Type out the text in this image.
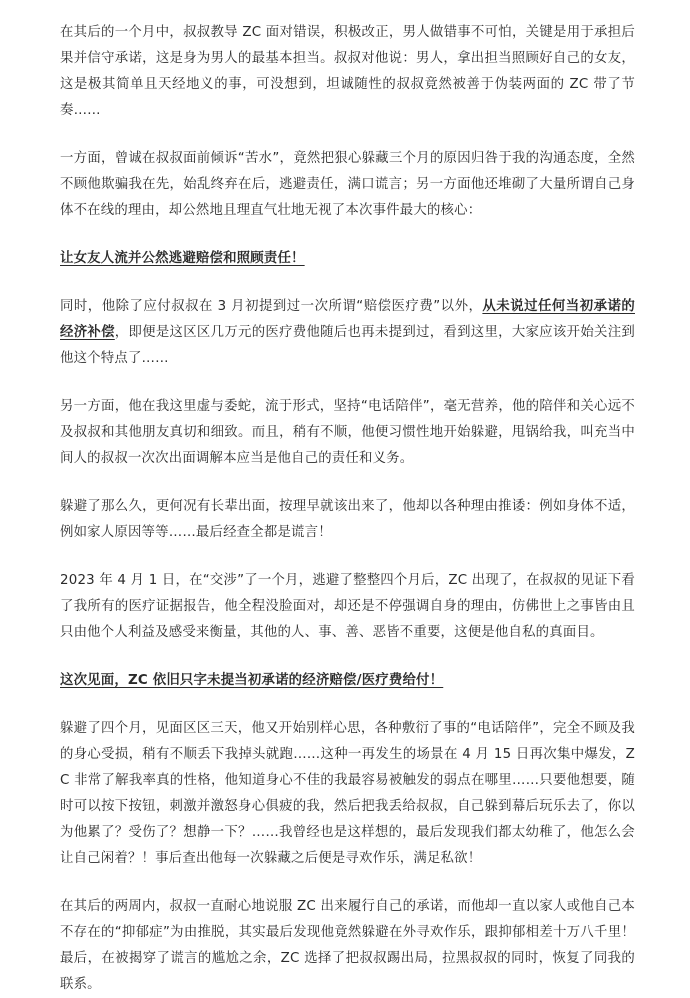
在其后的一个月中，叔叔教导 ZC 面对错误，积极改正，男人做错事不可怕，关键是用于承担后果并信守承诺，这是身为男人的最基本担当。叔叔对他说：男人，拿出担当照顾好自己的女友，这是极其简单且天经地义的事，可没想到，坦诚随性的叔叔竟然被善于伪装两面的 ZC 带了节奏……

一方面，曾诚在叔叔面前倾诉“苦水”，竟然把狠心躲藏三个月的原因归咎于我的沟通态度，全然不顾他欺骗我在先，始乱终弃在后，逃避责任，满口谎言；另一方面他还堆砌了大量所谓自己身体不在线的理由，却公然地且理直气壮地无视了本次事件最大的核心：

让女友人流并公然逃避赔偿和照顾责任！

同时，他除了应付叔叔在 3 月初提到过一次所谓“赔偿医疗费”以外，从未说过任何当初承诺的经济补偿，即便是这区区几万元的医疗费他随后也再未提到过，看到这里，大家应该开始关注到他这个特点了……

另一方面，他在我这里虚与委蛇，流于形式，坚持“电话陪伴”，毫无营养，他的陪伴和关心远不及叔叔和其他朋友真切和细致。而且，稍有不顺，他便习惯性地开始躲避，甩锅给我，叫充当中间人的叔叔一次次出面调解本应当是他自己的责任和义务。

躲避了那么久，更何况有长辈出面，按理早就该出来了，他却以各种理由推诿：例如身体不适，例如家人原因等等……最后经查全都是谎言！

2023 年 4 月 1 日，在“交涉”了一个月，逃避了整整四个月后，ZC 出现了，在叔叔的见证下看了我所有的医疗证据报告，他全程没脸面对，却还是不停强调自身的理由，仿佛世上之事皆由且只由他个人利益及感受来衡量，其他的人、事、善、恶皆不重要，这便是他自私的真面目。

这次见面，ZC 依旧只字未提当初承诺的经济赔偿/医疗费给付！

躲避了四个月，见面区区三天，他又开始别样心思，各种敷衍了事的“电话陪伴”，完全不顾及我的身心受损，稍有不顺丢下我掉头就跑……这种一再发生的场景在 4 月 15 日再次集中爆发，ZC 非常了解我率真的性格，他知道身心不佳的我最容易被触发的弱点在哪里……只要他想要，随时可以按下按钮，刺激并激怒身心俱疲的我，然后把我丢给叔叔，自己躲到幕后玩乐去了，你以为他累了？受伤了？想静一下？……我曾经也是这样想的，最后发现我们都太幼稚了，他怎么会让自己闲着？！事后查出他每一次躲藏之后便是寻欢作乐，满足私欲！

在其后的两周内，叔叔一直耐心地说服 ZC 出来履行自己的承诺，而他却一直以家人或他自己本不存在的“抑郁症”为由推脱，其实最后发现他竟然躲避在外寻欢作乐，跟抑郁相差十万八千里！最后，在被揭穿了谎言的尴尬之余，ZC 选择了把叔叔踢出局，拉黑叔叔的同时，恢复了同我的联系。
